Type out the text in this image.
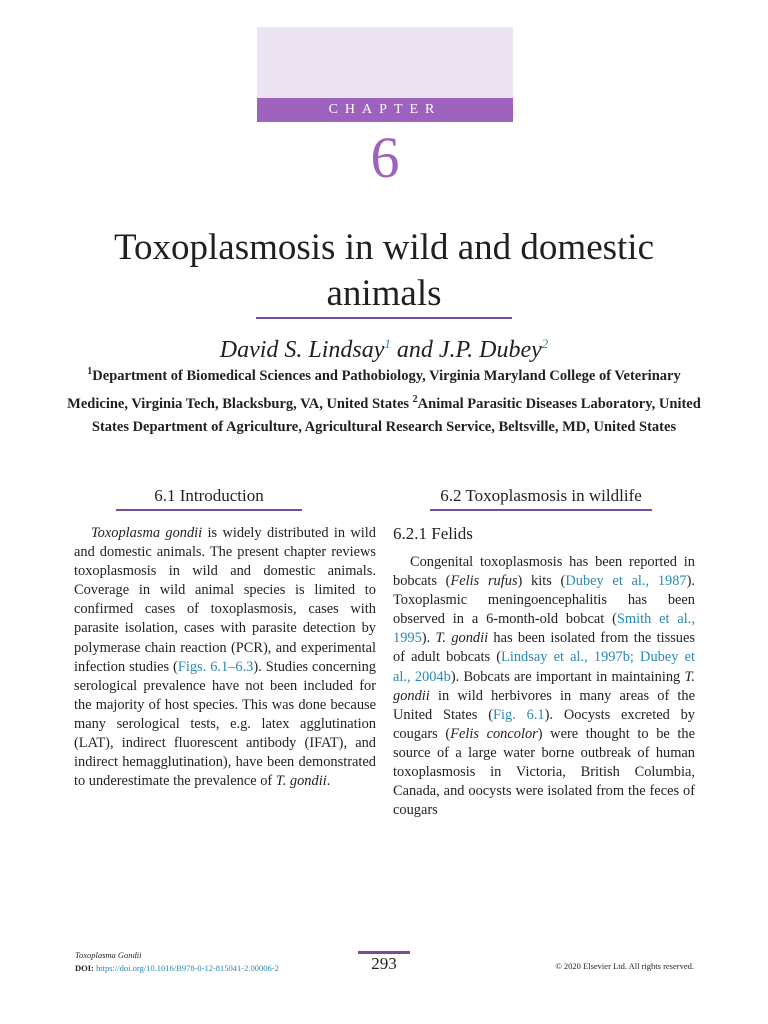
CHAPTER
6
Toxoplasmosis in wild and domestic animals
David S. Lindsay$^1$ and J.P. Dubey$^2$
$^1$Department of Biomedical Sciences and Pathobiology, Virginia Maryland College of Veterinary Medicine, Virginia Tech, Blacksburg, VA, United States $^2$Animal Parasitic Diseases Laboratory, United States Department of Agriculture, Agricultural Research Service, Beltsville, MD, United States
6.1 Introduction

Toxoplasma gondii is widely distributed in wild and domestic animals. The present chapter reviews toxoplasmosis in wild and domestic animals. Coverage in wild animal species is limited to confirmed cases of toxoplasmosis, cases with parasite isolation, cases with parasite detection by polymerase chain reaction (PCR), and experimental infection studies (Figs. 6.1–6.3). Studies concerning serological prevalence have not been included for the majority of host species. This was done because many serological tests, e.g. latex agglutination (LAT), indirect fluorescent antibody (IFAT), and indirect hemagglutination), have been demonstrated to underestimate the prevalence of T. gondii.

6.2 Toxoplasmosis in wildlife
6.2.1 Felids

Congenital toxoplasmosis has been reported in bobcats (Felis rufus) kits (Dubey et al., 1987). Toxoplasmic meningoencephalitis has been observed in a 6-month-old bobcat (Smith et al., 1995). T. gondii has been isolated from the tissues of adult bobcats (Lindsay et al., 1997b; Dubey et al., 2004b). Bobcats are important in maintaining T. gondii in wild herbivores in many areas of the United States (Fig. 6.1). Oocysts excreted by cougars (Felis concolor) were thought to be the source of a large water borne outbreak of human toxoplasmosis in Victoria, British Columbia, Canada, and oocysts were isolated from the feces of cougars

Toxoplasma Gondii
DOI: https://doi.org/10.1016/B978-0-12-815041-2.00006-2	293	© 2020 Elsevier Ltd. All rights reserved.
